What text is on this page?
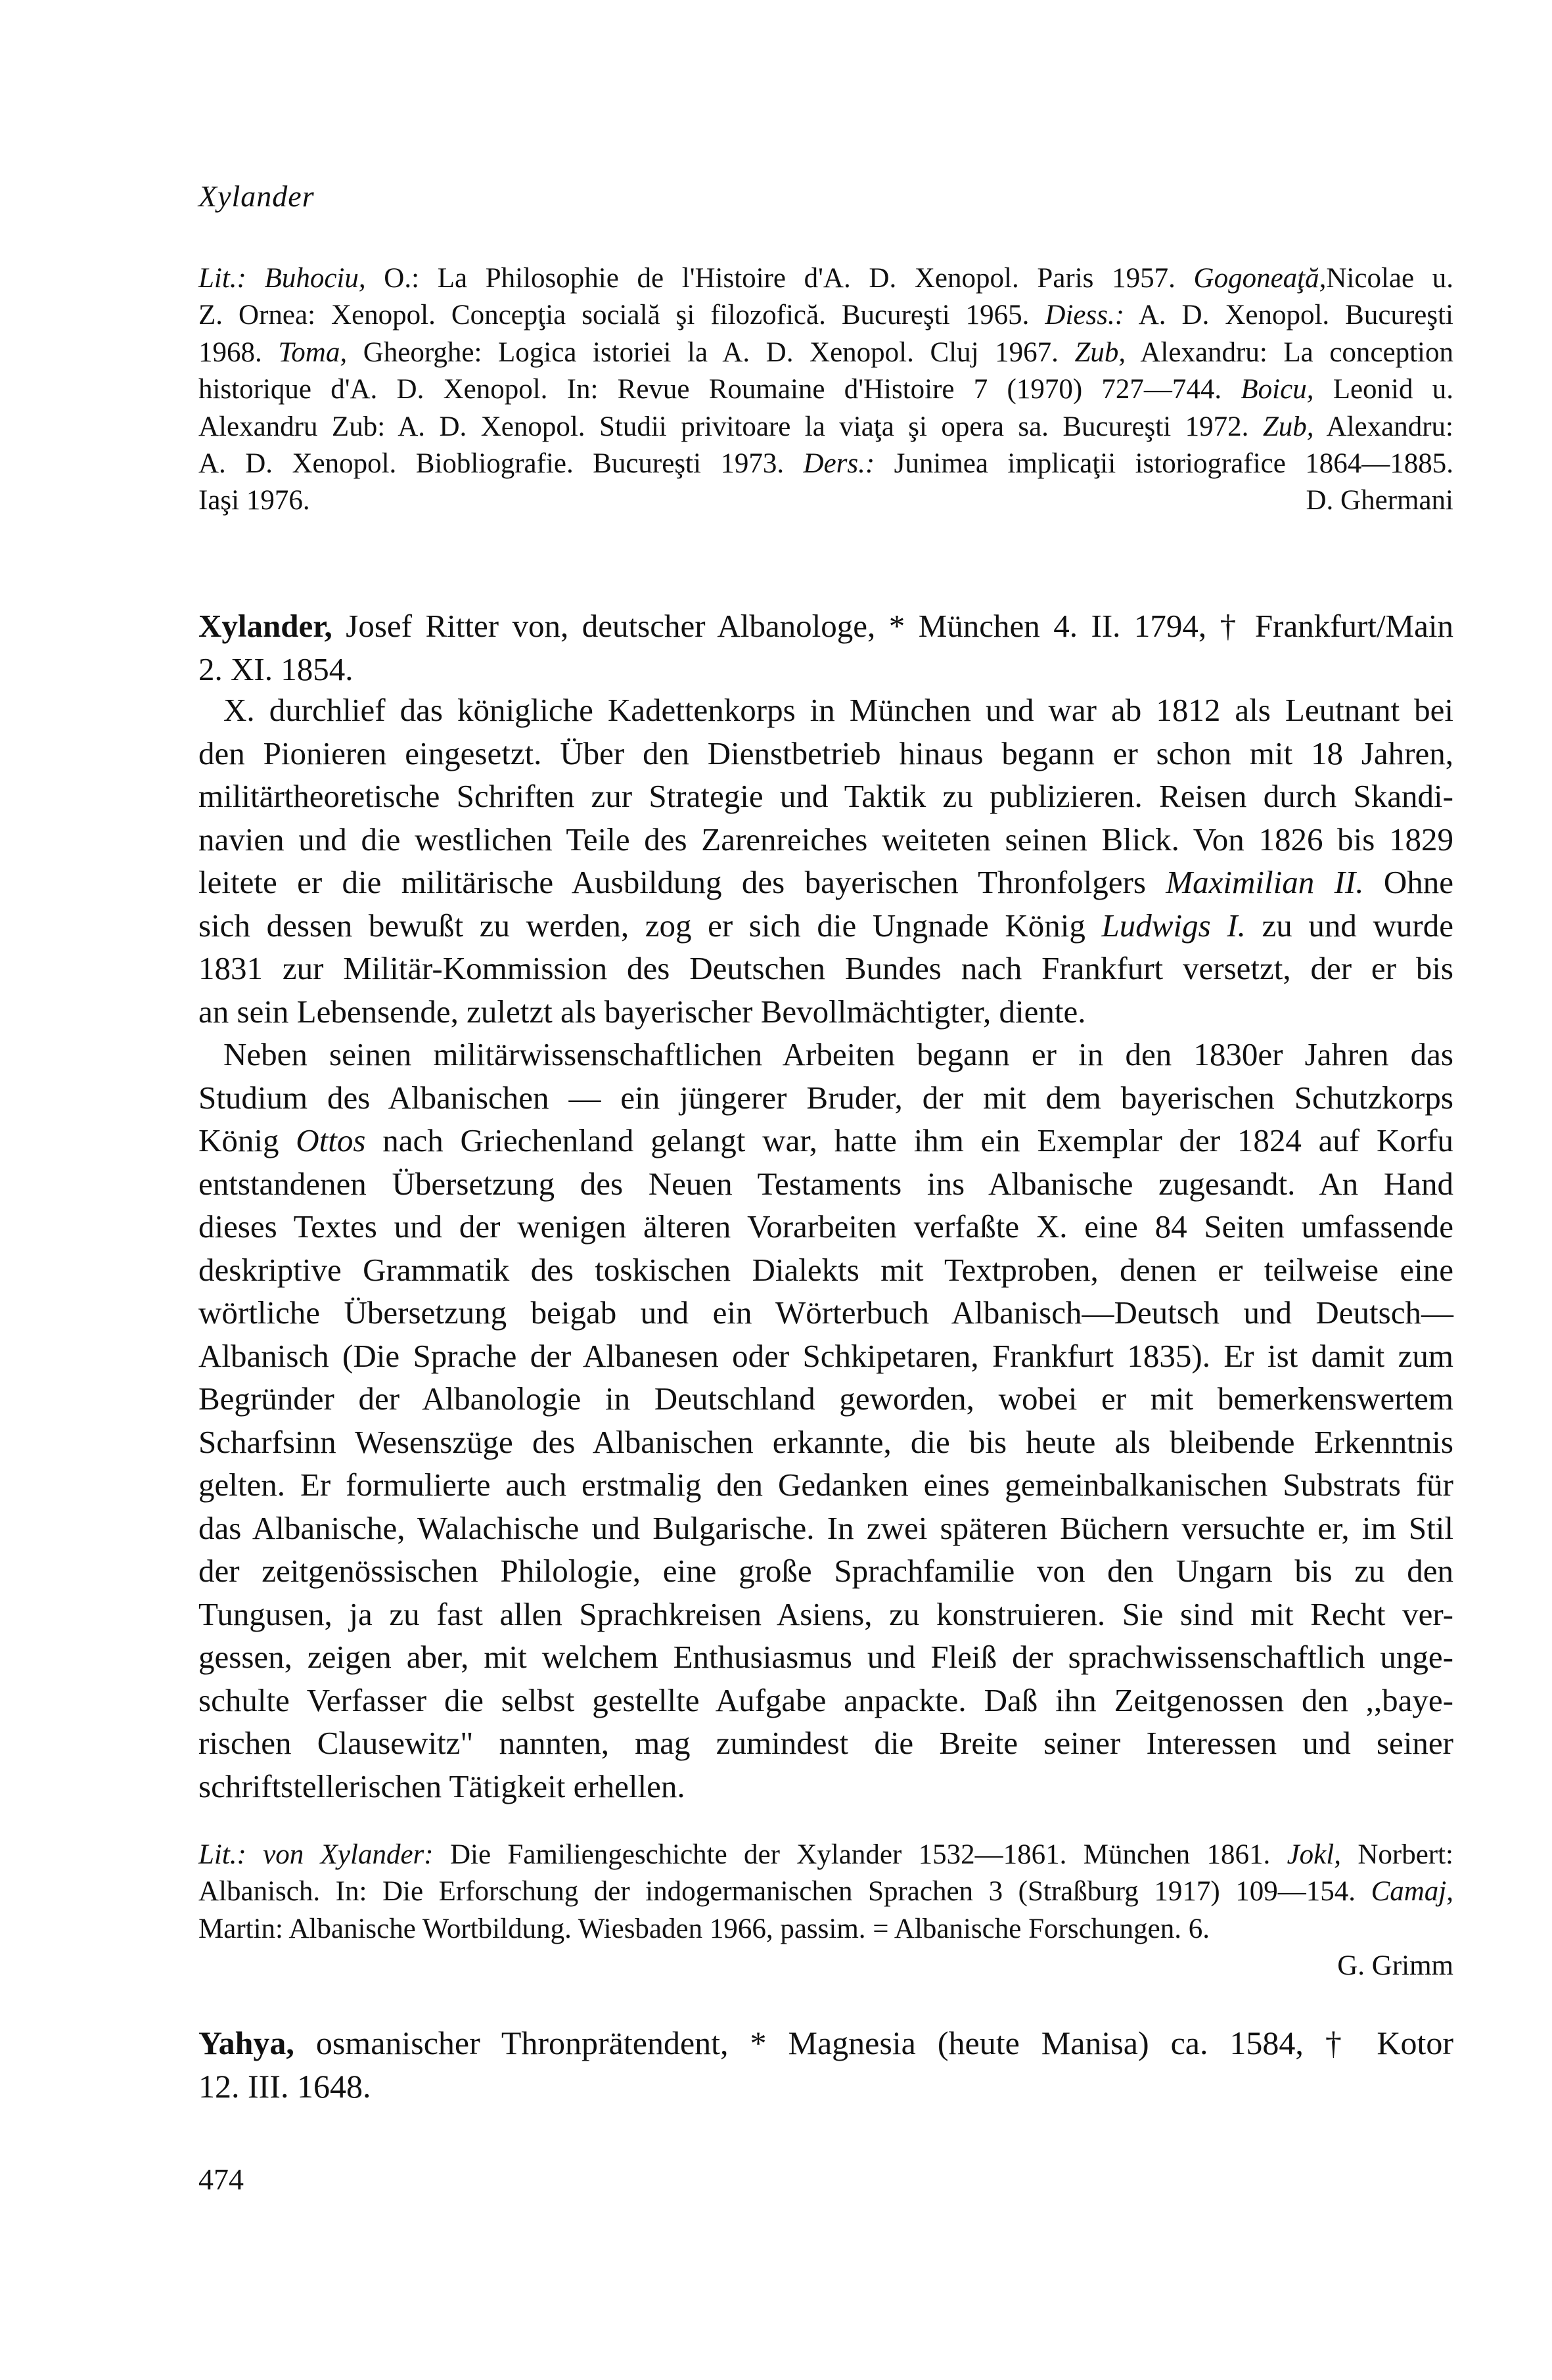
Xylander
Lit.: Buhociu, O.: La Philosophie de l'Histoire d'A. D. Xenopol. Paris 1957. Gogoneaţă,Nicolae u.
Z. Ornea: Xenopol. Concepţia socială şi filozofică. Bucureşti 1965. Diess.: A. D. Xenopol. Bucureşti
1968. Toma, Gheorghe: Logica istoriei la A. D. Xenopol. Cluj 1967. Zub, Alexandru: La conception
historique d'A. D. Xenopol. In: Revue Roumaine d'Histoire 7 (1970) 727—744. Boicu, Leonid u.
Alexandru Zub: A. D. Xenopol. Studii privitoare la viaţa şi opera sa. Bucureşti 1972. Zub, Alexandru:
A. D. Xenopol. Biobliografie. Bucureşti 1973. Ders.: Junimea implicaţii istoriografice 1864—1885.
Iaşi 1976.	D. Ghermani
Xylander, Josef Ritter von, deutscher Albanologe, * München 4. II. 1794, † Frankfurt/Main
2. XI. 1854.
X. durchlief das königliche Kadettenkorps in München und war ab 1812 als Leutnant bei
den Pionieren eingesetzt. Über den Dienstbetrieb hinaus begann er schon mit 18 Jahren,
militärtheoretische Schriften zur Strategie und Taktik zu publizieren. Reisen durch Skandi-
navien und die westlichen Teile des Zarenreiches weiteten seinen Blick. Von 1826 bis 1829
leitete er die militärische Ausbildung des bayerischen Thronfolgers Maximilian II. Ohne
sich dessen bewußt zu werden, zog er sich die Ungnade König Ludwigs I. zu und wurde
1831 zur Militär-Kommission des Deutschen Bundes nach Frankfurt versetzt, der er bis
an sein Lebensende, zuletzt als bayerischer Bevollmächtigter, diente.
Neben seinen militärwissenschaftlichen Arbeiten begann er in den 1830er Jahren das
Studium des Albanischen — ein jüngerer Bruder, der mit dem bayerischen Schutzkorps
König Ottos nach Griechenland gelangt war, hatte ihm ein Exemplar der 1824 auf Korfu
entstandenen Übersetzung des Neuen Testaments ins Albanische zugesandt. An Hand
dieses Textes und der wenigen älteren Vorarbeiten verfaßte X. eine 84 Seiten umfassende
deskriptive Grammatik des toskischen Dialekts mit Textproben, denen er teilweise eine
wörtliche Übersetzung beigab und ein Wörterbuch Albanisch—Deutsch und Deutsch—
Albanisch (Die Sprache der Albanesen oder Schkipetaren, Frankfurt 1835). Er ist damit zum
Begründer der Albanologie in Deutschland geworden, wobei er mit bemerkenswertem
Scharfsinn Wesenszüge des Albanischen erkannte, die bis heute als bleibende Erkenntnis
gelten. Er formulierte auch erstmalig den Gedanken eines gemeinbalkanischen Substrats für
das Albanische, Walachische und Bulgarische. In zwei späteren Büchern versuchte er, im Stil
der zeitgenössischen Philologie, eine große Sprachfamilie von den Ungarn bis zu den
Tungusen, ja zu fast allen Sprachkreisen Asiens, zu konstruieren. Sie sind mit Recht ver-
gessen, zeigen aber, mit welchem Enthusiasmus und Fleiß der sprachwissenschaftlich unge-
schulte Verfasser die selbst gestellte Aufgabe anpackte. Daß ihn Zeitgenossen den ,,baye-
rischen Clausewitz" nannten, mag zumindest die Breite seiner Interessen und seiner
schriftstellerischen Tätigkeit erhellen.
Lit.: von Xylander: Die Familiengeschichte der Xylander 1532—1861. München 1861. Jokl, Norbert:
Albanisch. In: Die Erforschung der indogermanischen Sprachen 3 (Straßburg 1917) 109—154. Camaj,
Martin: Albanische Wortbildung. Wiesbaden 1966, passim. = Albanische Forschungen. 6.
G. Grimm
Yahya, osmanischer Thronprätendent, * Magnesia (heute Manisa) ca. 1584, † Kotor
12. III. 1648.
474
